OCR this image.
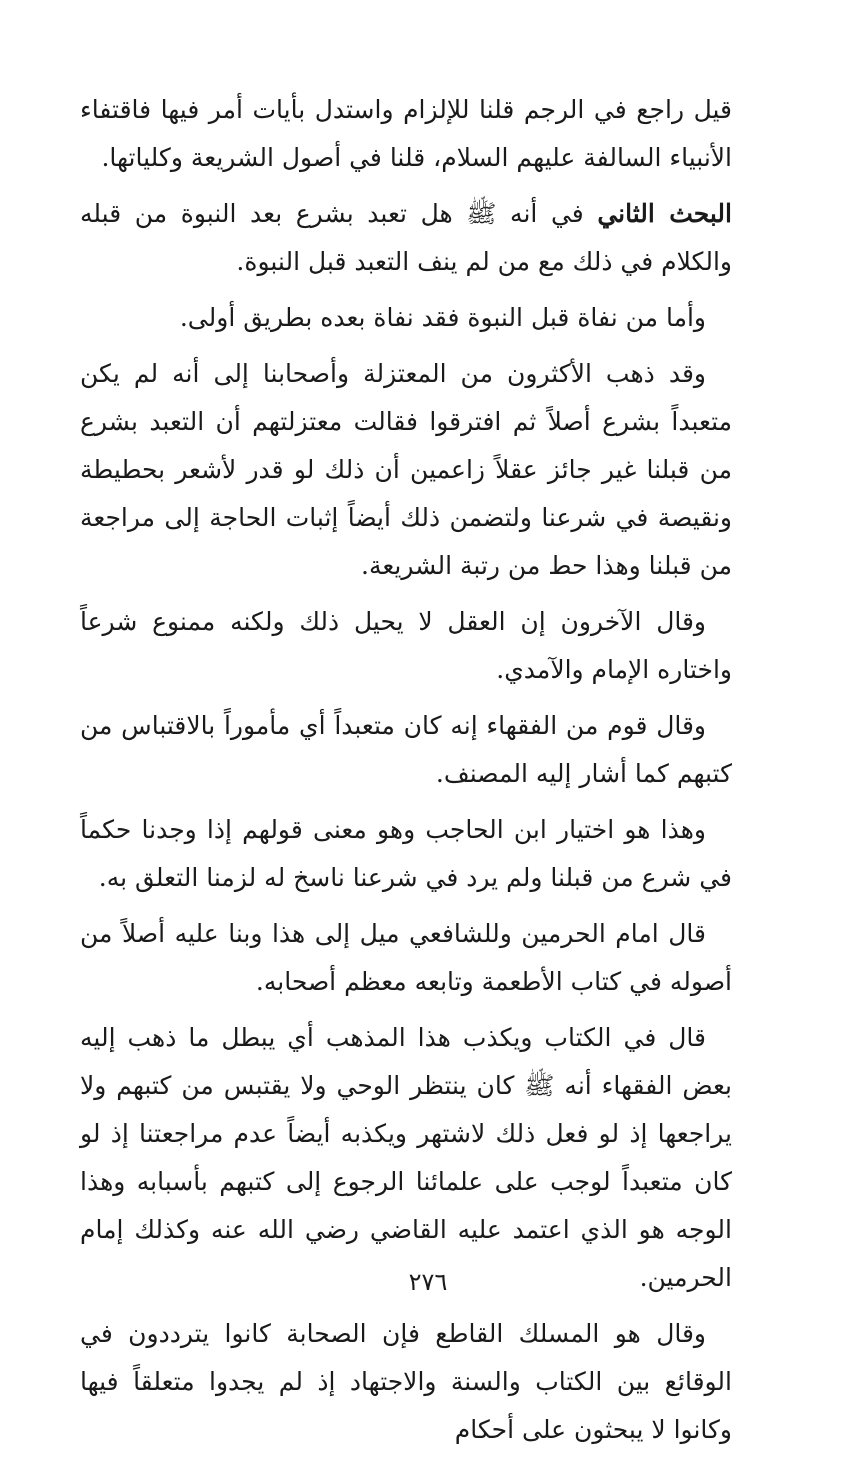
قيل راجع في الرجم قلنا للإلزام واستدل بأيات أمر فيها فاقتفاء الأنبياء السالفة عليهم السلام، قلنا في أصول الشريعة وكلياتها.

البحث الثاني في أنه ﷺ هل تعبد بشرع بعد النبوة من قبله والكلام في ذلك مع من لم ينف التعبد قبل النبوة.

وأما من نفاة قبل النبوة فقد نفاة بعده بطريق أولى.

وقد ذهب الأكثرون من المعتزلة وأصحابنا إلى أنه لم يكن متعبداً بشرع أصلاً ثم افترقوا فقالت معتزلتهم أن التعبد بشرع من قبلنا غير جائز عقلاً زاعمين أن ذلك لو قدر لأشعر بحطيطة ونقيصة في شرعنا ولتضمن ذلك أيضاً إثبات الحاجة إلى مراجعة من قبلنا وهذا حط من رتبة الشريعة.

وقال الآخرون إن العقل لا يحيل ذلك ولكنه ممنوع شرعاً واختاره الإمام والآمدي.

وقال قوم من الفقهاء إنه كان متعبداً أي مأموراً بالاقتباس من كتبهم كما أشار إليه المصنف.

وهذا هو اختيار ابن الحاجب وهو معنى قولهم إذا وجدنا حكماً في شرع من قبلنا ولم يرد في شرعنا ناسخ له لزمنا التعلق به.

قال امام الحرمين وللشافعي ميل إلى هذا وبنا عليه أصلاً من أصوله في كتاب الأطعمة وتابعه معظم أصحابه.

قال في الكتاب ويكذب هذا المذهب أي يبطل ما ذهب إليه بعض الفقهاء أنه ﷺ كان ينتظر الوحي ولا يقتبس من كتبهم ولا يراجعها إذ لو فعل ذلك لاشتهر ويكذبه أيضاً عدم مراجعتنا إذ لو كان متعبداً لوجب على علمائنا الرجوع إلى كتبهم بأسبابه وهذا الوجه هو الذي اعتمد عليه القاضي رضي الله عنه وكذلك إمام الحرمين.

وقال هو المسلك القاطع فإن الصحابة كانوا يترددون في الوقائع بين الكتاب والسنة والاجتهاد إذ لم يجدوا متعلقاً فيها وكانوا لا يبحثون على أحكام

٢٧٦
